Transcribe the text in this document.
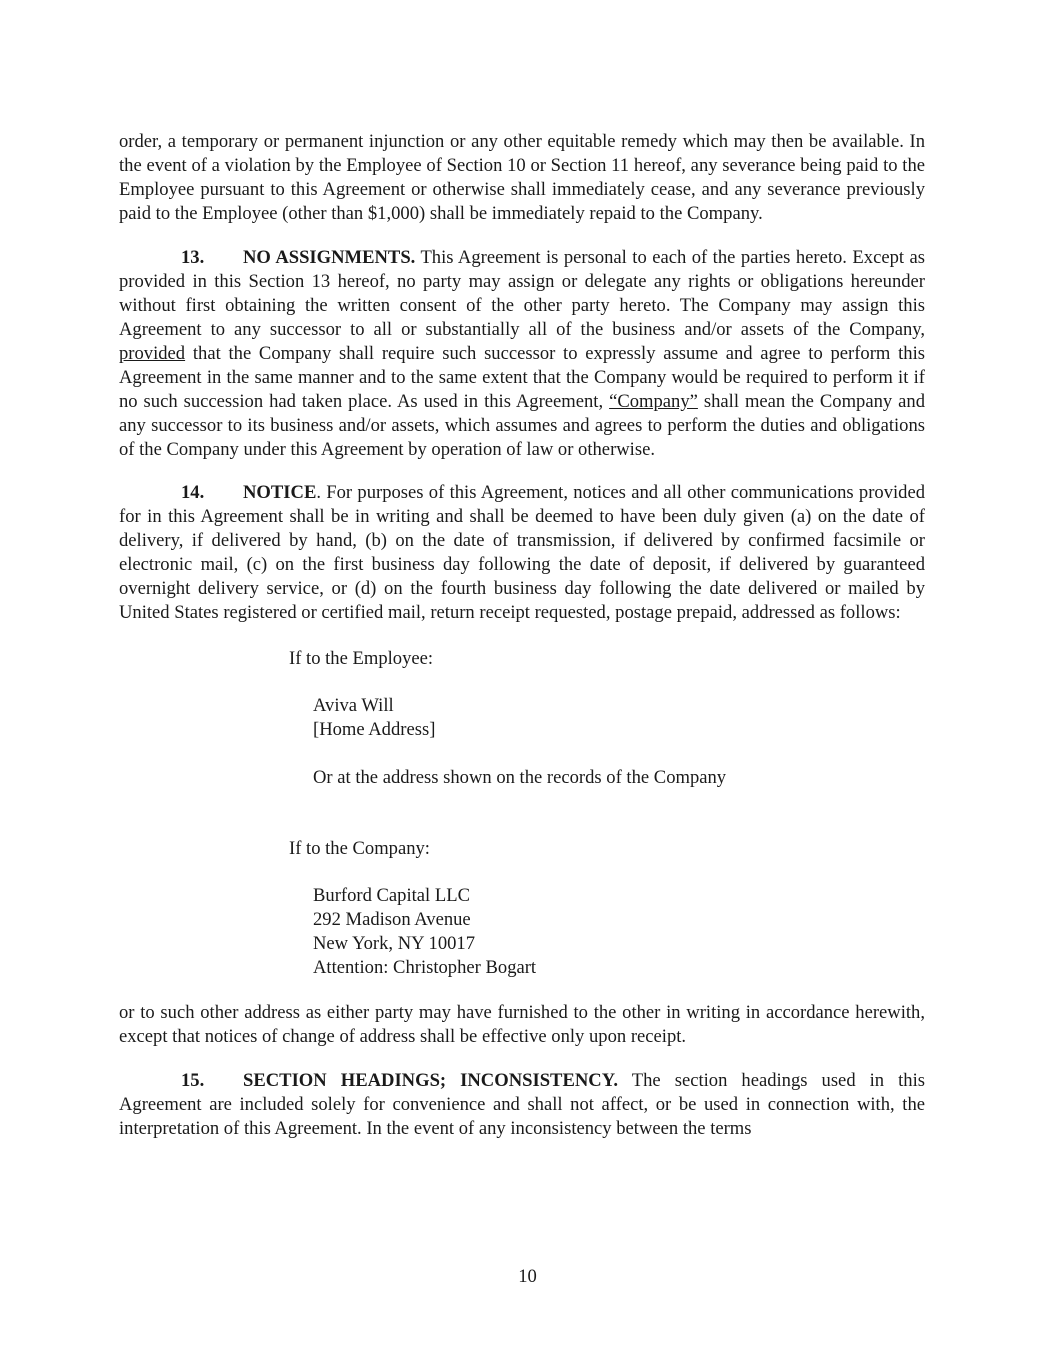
order, a temporary or permanent injunction or any other equitable remedy which may then be available. In the event of a violation by the Employee of Section 10 or Section 11 hereof, any severance being paid to the Employee pursuant to this Agreement or otherwise shall immediately cease, and any severance previously paid to the Employee (other than $1,000) shall be immediately repaid to the Company.

13. NO ASSIGNMENTS. This Agreement is personal to each of the parties hereto. Except as provided in this Section 13 hereof, no party may assign or delegate any rights or obligations hereunder without first obtaining the written consent of the other party hereto. The Company may assign this Agreement to any successor to all or substantially all of the business and/or assets of the Company, provided that the Company shall require such successor to expressly assume and agree to perform this Agreement in the same manner and to the same extent that the Company would be required to perform it if no such succession had taken place. As used in this Agreement, “Company” shall mean the Company and any successor to its business and/or assets, which assumes and agrees to perform the duties and obligations of the Company under this Agreement by operation of law or otherwise.

14. NOTICE. For purposes of this Agreement, notices and all other communications provided for in this Agreement shall be in writing and shall be deemed to have been duly given (a) on the date of delivery, if delivered by hand, (b) on the date of transmission, if delivered by confirmed facsimile or electronic mail, (c) on the first business day following the date of deposit, if delivered by guaranteed overnight delivery service, or (d) on the fourth business day following the date delivered or mailed by United States registered or certified mail, return receipt requested, postage prepaid, addressed as follows:

If to the Employee:
Aviva Will
[Home Address]
Or at the address shown on the records of the Company
If to the Company:
Burford Capital LLC
292 Madison Avenue
New York, NY 10017
Attention: Christopher Bogart

or to such other address as either party may have furnished to the other in writing in accordance herewith, except that notices of change of address shall be effective only upon receipt.

15. SECTION HEADINGS; INCONSISTENCY. The section headings used in this Agreement are included solely for convenience and shall not affect, or be used in connection with, the interpretation of this Agreement. In the event of any inconsistency between the terms

10
